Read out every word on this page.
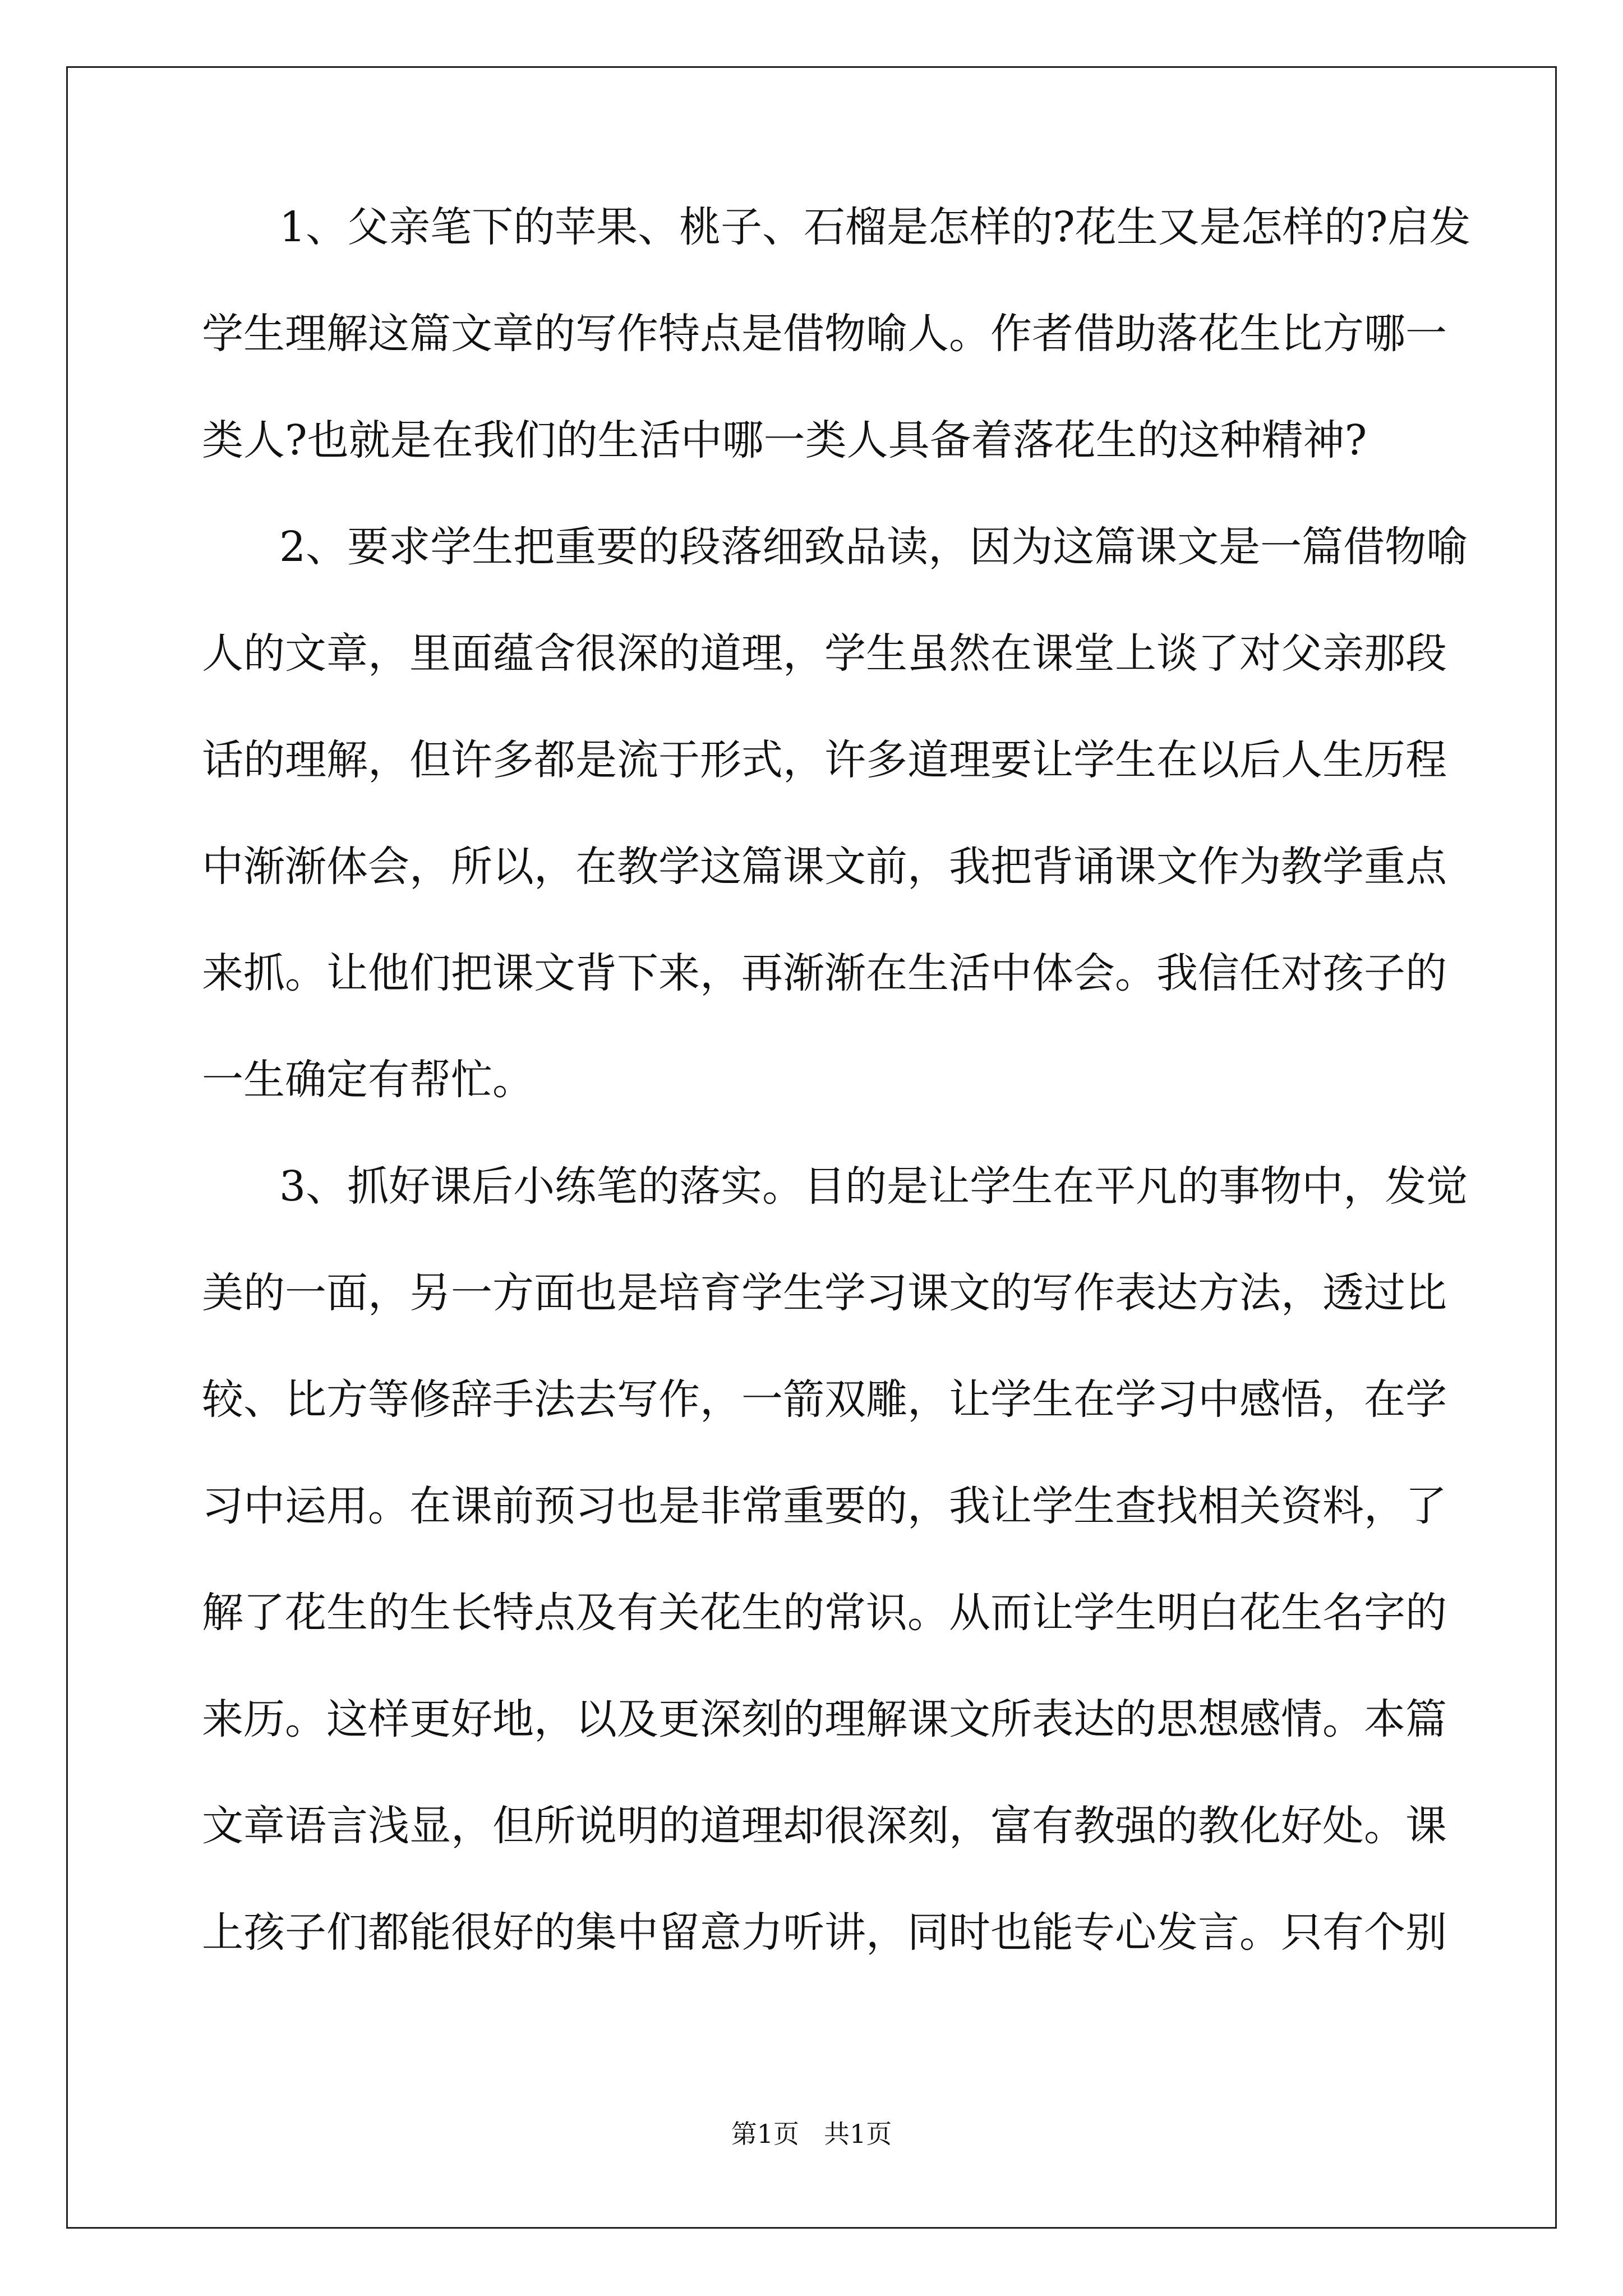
1、父亲笔下的苹果、桃子、石榴是怎样的?花生又是怎样的?启发
学生理解这篇文章的写作特点是借物喻人。作者借助落花生比方哪一
类人?也就是在我们的生活中哪一类人具备着落花生的这种精神?
2、要求学生把重要的段落细致品读，因为这篇课文是一篇借物喻
人的文章，里面蕴含很深的道理，学生虽然在课堂上谈了对父亲那段
话的理解，但许多都是流于形式，许多道理要让学生在以后人生历程
中渐渐体会，所以，在教学这篇课文前，我把背诵课文作为教学重点
来抓。让他们把课文背下来，再渐渐在生活中体会。我信任对孩子的
一生确定有帮忙。
3、抓好课后小练笔的落实。目的是让学生在平凡的事物中，发觉
美的一面，另一方面也是培育学生学习课文的写作表达方法，透过比
较、比方等修辞手法去写作，一箭双雕，让学生在学习中感悟，在学
习中运用。在课前预习也是非常重要的，我让学生查找相关资料，了
解了花生的生长特点及有关花生的常识。从而让学生明白花生名字的
来历。这样更好地，以及更深刻的理解课文所表达的思想感情。本篇
文章语言浅显，但所说明的道理却很深刻，富有教强的教化好处。课
上孩子们都能很好的集中留意力听讲，同时也能专心发言。只有个别
第1页 共1页
